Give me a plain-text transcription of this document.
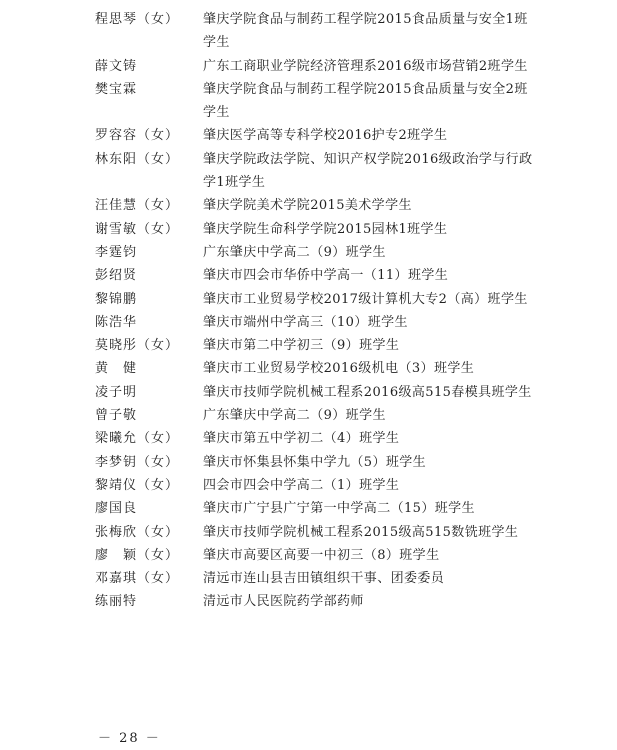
程思琴（女）	肇庆学院食品与制药工程学院2015食品质量与安全1班学生
薛文铸	广东工商职业学院经济管理系2016级市场营销2班学生
樊宝霖	肇庆学院食品与制药工程学院2015食品质量与安全2班学生
罗容容（女）	肇庆医学高等专科学校2016护专2班学生
林东阳（女）	肇庆学院政法学院、知识产权学院2016级政治学与行政学1班学生
汪佳慧（女）	肇庆学院美术学院2015美术学学生
谢雪敏（女）	肇庆学院生命科学学院2015园林1班学生
李霆钧	广东肇庆中学高二（9）班学生
彭绍贤	肇庆市四会市华侨中学高一（11）班学生
黎锦鹏	肇庆市工业贸易学校2017级计算机大专2（高）班学生
陈浩华	肇庆市端州中学高三（10）班学生
莫晓彤（女）	肇庆市第二中学初三（9）班学生
黄　健	肇庆市工业贸易学校2016级机电（3）班学生
凌子明	肇庆市技师学院机械工程系2016级高515春模具班学生
曾子敬	广东肇庆中学高二（9）班学生
梁曦允（女）	肇庆市第五中学初二（4）班学生
李梦钥（女）	肇庆市怀集县怀集中学九（5）班学生
黎靖仪（女）	四会市四会中学高二（1）班学生
廖国良	肇庆市广宁县广宁第一中学高二（15）班学生
张梅欣（女）	肇庆市技师学院机械工程系2015级高515数铣班学生
廖　颖（女）	肇庆市高要区高要一中初三（8）班学生
邓嘉琪（女）	清远市连山县吉田镇组织干事、团委委员
练丽特	清远市人民医院药学部药师
－ 28 －
